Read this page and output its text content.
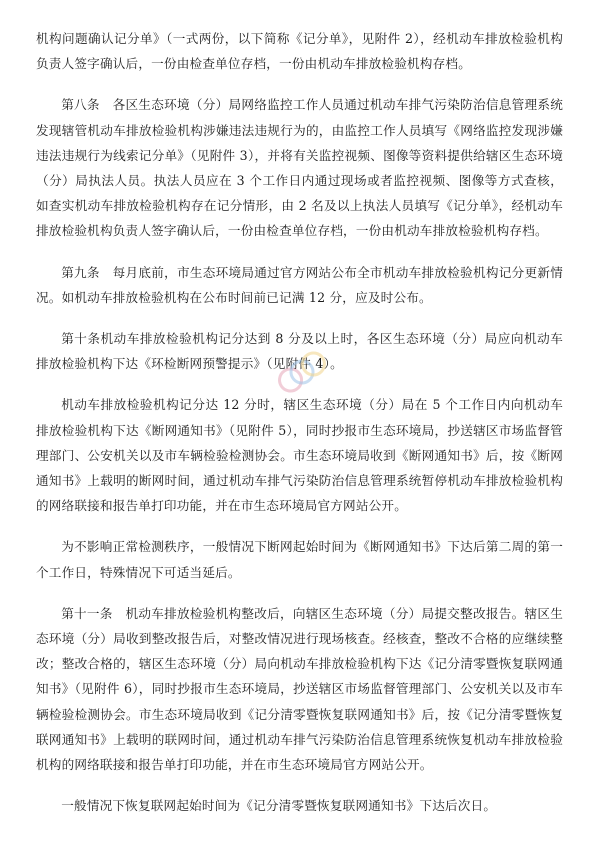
机构问题确认记分单》（一式两份，以下简称《记分单》，见附件 2），经机动车排放检验机构负责人签字确认后，一份由检查单位存档，一份由机动车排放检验机构存档。

第八条　各区生态环境（分）局网络监控工作人员通过机动车排气污染防治信息管理系统发现辖管机动车排放检验机构涉嫌违法违规行为的，由监控工作人员填写《网络监控发现涉嫌违法违规行为线索记分单》（见附件 3），并将有关监控视频、图像等资料提供给辖区生态环境（分）局执法人员。执法人员应在 3 个工作日内通过现场或者监控视频、图像等方式查核，如查实机动车排放检验机构存在记分情形，由 2 名及以上执法人员填写《记分单》，经机动车排放检验机构负责人签字确认后，一份由检查单位存档，一份由机动车排放检验机构存档。

第九条　每月底前，市生态环境局通过官方网站公布全市机动车排放检验机构记分更新情况。如机动车排放检验机构在公布时间前已记满 12 分，应及时公布。

第十条机动车排放检验机构记分达到 8 分及以上时，各区生态环境（分）局应向机动车排放检验机构下达《环检断网预警提示》（见附件 4）。

机动车排放检验机构记分达 12 分时，辖区生态环境（分）局在 5 个工作日内向机动车排放检验机构下达《断网通知书》（见附件 5），同时抄报市生态环境局，抄送辖区市场监督管理部门、公安机关以及市车辆检验检测协会。市生态环境局收到《断网通知书》后，按《断网通知书》上载明的断网时间，通过机动车排气污染防治信息管理系统暂停机动车排放检验机构的网络联接和报告单打印功能，并在市生态环境局官方网站公开。

为不影响正常检测秩序，一般情况下断网起始时间为《断网通知书》下达后第二周的第一个工作日，特殊情况下可适当延后。

第十一条　机动车排放检验机构整改后，向辖区生态环境（分）局提交整改报告。辖区生态环境（分）局收到整改报告后，对整改情况进行现场核查。经核查，整改不合格的应继续整改；整改合格的，辖区生态环境（分）局向机动车排放检验机构下达《记分清零暨恢复联网通知书》（见附件 6），同时抄报市生态环境局，抄送辖区市场监督管理部门、公安机关以及市车辆检验检测协会。市生态环境局收到《记分清零暨恢复联网通知书》后，按《记分清零暨恢复联网通知书》上载明的联网时间，通过机动车排气污染防治信息管理系统恢复机动车排放检验机构的网络联接和报告单打印功能，并在市生态环境局官方网站公开。

一般情况下恢复联网起始时间为《记分清零暨恢复联网通知书》下达后次日。
